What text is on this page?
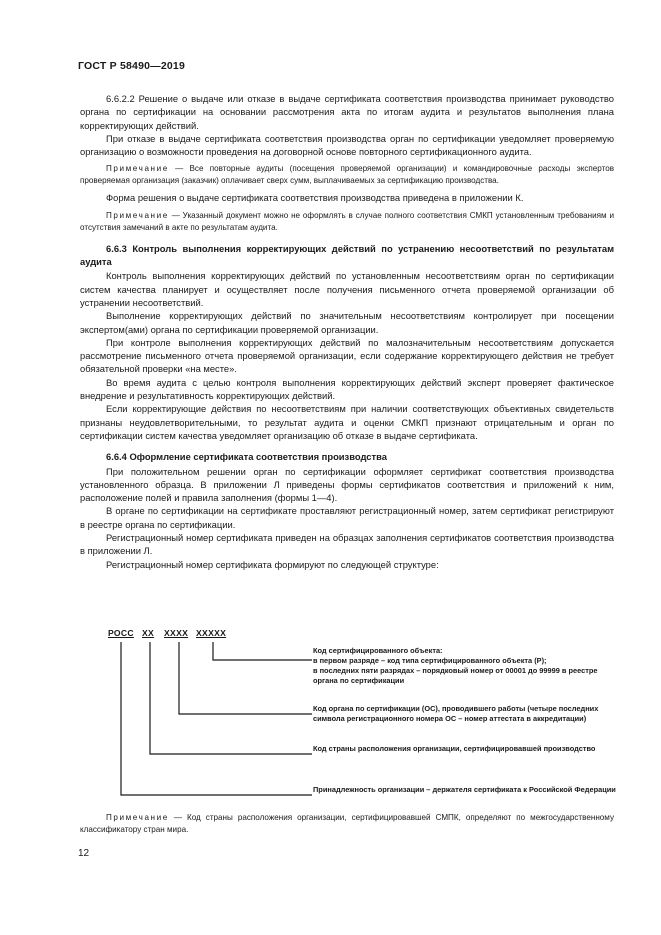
ГОСТ Р 58490—2019

6.6.2.2 Решение о выдаче или отказе в выдаче сертификата соответствия производства принимает руководство органа по сертификации на основании рассмотрения акта по итогам аудита и результатов выполнения плана корректирующих действий.

При отказе в выдаче сертификата соответствия производства орган по сертификации уведомляет проверяемую организацию о возможности проведения на договорной основе повторного сертификационного аудита.

Примечание — Все повторные аудиты (посещения проверяемой организации) и командировочные расходы экспертов проверяемая организация (заказчик) оплачивает сверх сумм, выплачиваемых за сертификацию производства.

Форма решения о выдаче сертификата соответствия производства приведена в приложении К.

Примечание — Указанный документ можно не оформлять в случае полного соответствия СМКП установленным требованиям и отсутствия замечаний в акте по результатам аудита.

6.6.3 Контроль выполнения корректирующих действий по устранению несоответствий по результатам аудита

Контроль выполнения корректирующих действий по установленным несоответствиям орган по сертификации систем качества планирует и осуществляет после получения письменного отчета проверяемой организации об устранении несоответствий.

Выполнение корректирующих действий по значительным несоответствиям контролирует при посещении экспертом(ами) органа по сертификации проверяемой организации.

При контроле выполнения корректирующих действий по малозначительным несоответствиям допускается рассмотрение письменного отчета проверяемой организации, если содержание корректирующего действия не требует обязательной проверки «на месте».

Во время аудита с целью контроля выполнения корректирующих действий эксперт проверяет фактическое внедрение и результативность корректирующих действий.

Если корректирующие действия по несоответствиям при наличии соответствующих объективных свидетельств признаны неудовлетворительными, то результат аудита и оценки СМКП признают отрицательным и орган по сертификации систем качества уведомляет организацию об отказе в выдаче сертификата.

6.6.4 Оформление сертификата соответствия производства

При положительном решении орган по сертификации оформляет сертификат соответствия производства установленного образца. В приложении Л приведены формы сертификатов соответствия и приложений к ним, расположение полей и правила заполнения (формы 1—4).

В органе по сертификации на сертификате проставляют регистрационный номер, затем сертификат регистрируют в реестре органа по сертификации.

Регистрационный номер сертификата приведен на образцах заполнения сертификатов соответствия производства в приложении Л.

Регистрационный номер сертификата формируют по следующей структуре:

РОСС ХХ ХХХХ ХХХХХ
Код сертифицированного объекта:
в первом разряде – код типа сертифицированного объекта (Р);
в последних пяти разрядах – порядковый номер от 00001 до 99999 в реестре органа по сертификации
Код органа по сертификации (ОС), проводившего работы (четыре последних символа регистрационного номера ОС – номер аттестата в аккредитации)
Код страны расположения организации, сертифицировавшей производство
Принадлежность организации – держателя сертификата к Российской Федерации

Примечание — Код страны расположения организации, сертифицировавшей СМПК, определяют по межгосударственному классификатору стран мира.

12
